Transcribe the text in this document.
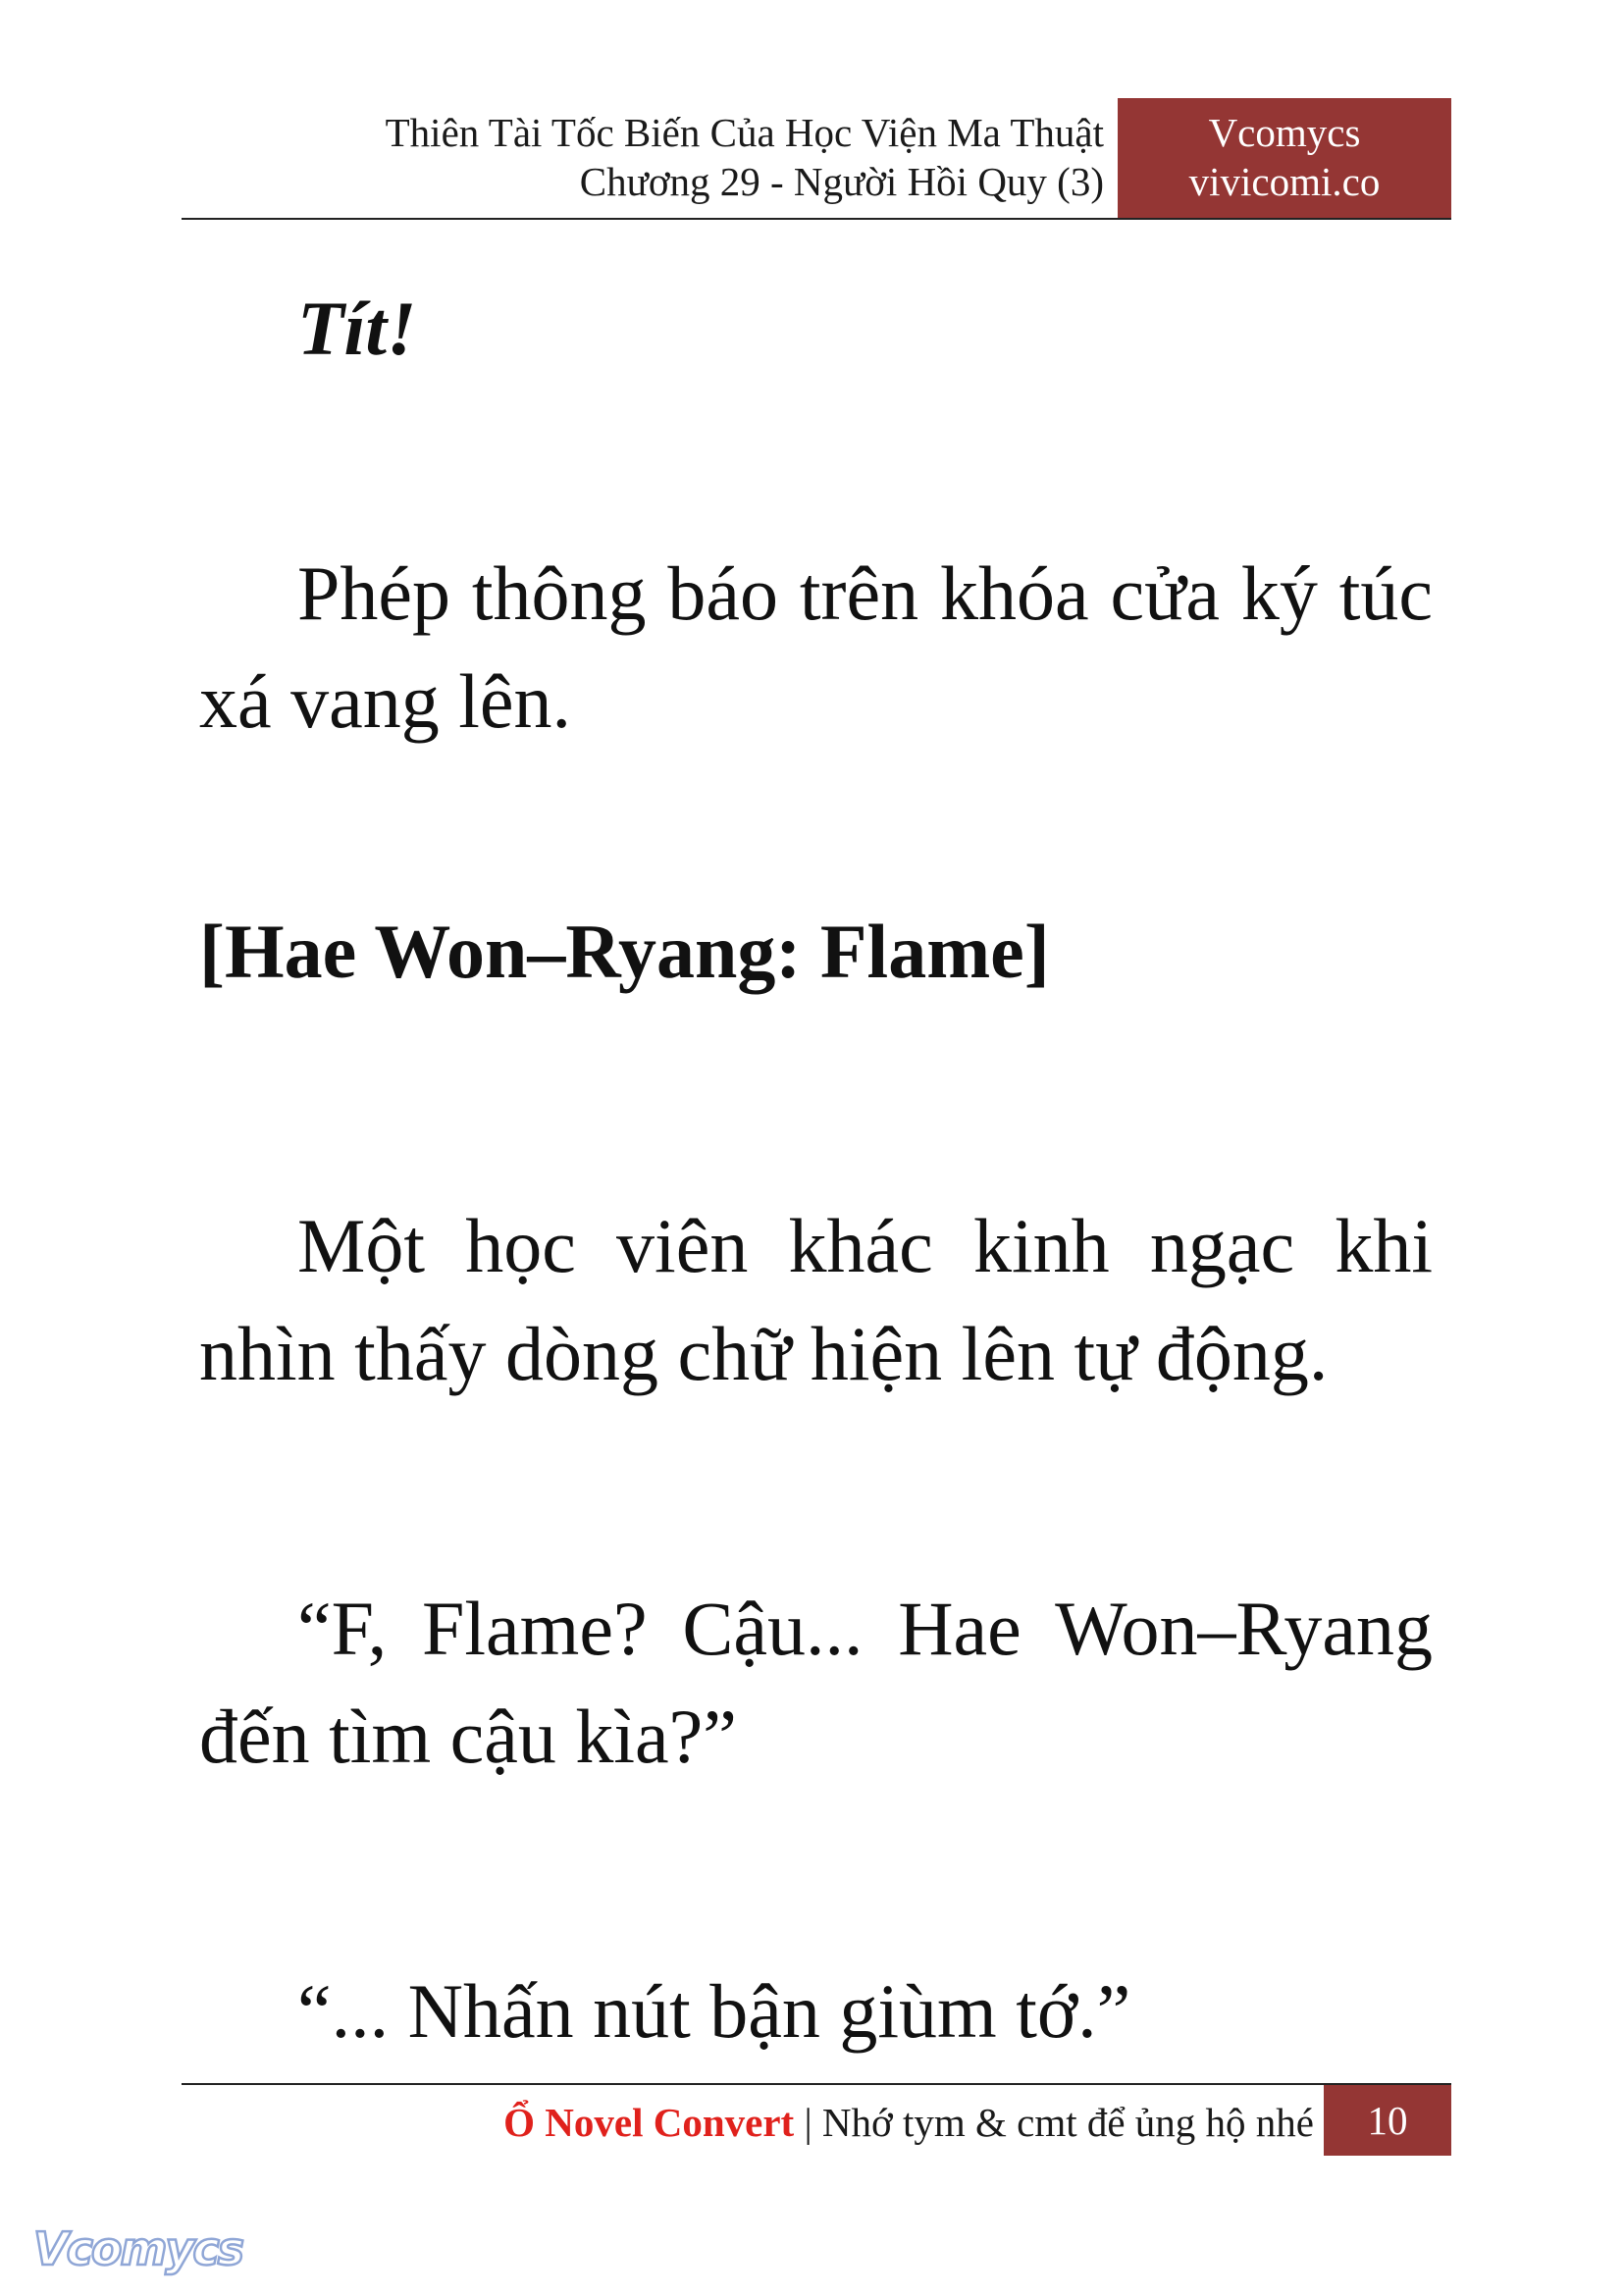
Thiên Tài Tốc Biến Của Học Viện Ma Thuật
Chương 29 - Người Hồi Quy (3)
Vcomycs
vivicomi.co

Tít!

Phép thông báo trên khóa cửa ký túc xá vang lên.

[Hae Won–Ryang: Flame]

Một học viên khác kinh ngạc khi nhìn thấy dòng chữ hiện lên tự động.

“F, Flame? Cậu... Hae Won–Ryang đến tìm cậu kìa?”

“... Nhấn nút bận giùm tớ.”

Ổ Novel Convert | Nhớ tym & cmt để ủng hộ nhé	10
Vcomycs
